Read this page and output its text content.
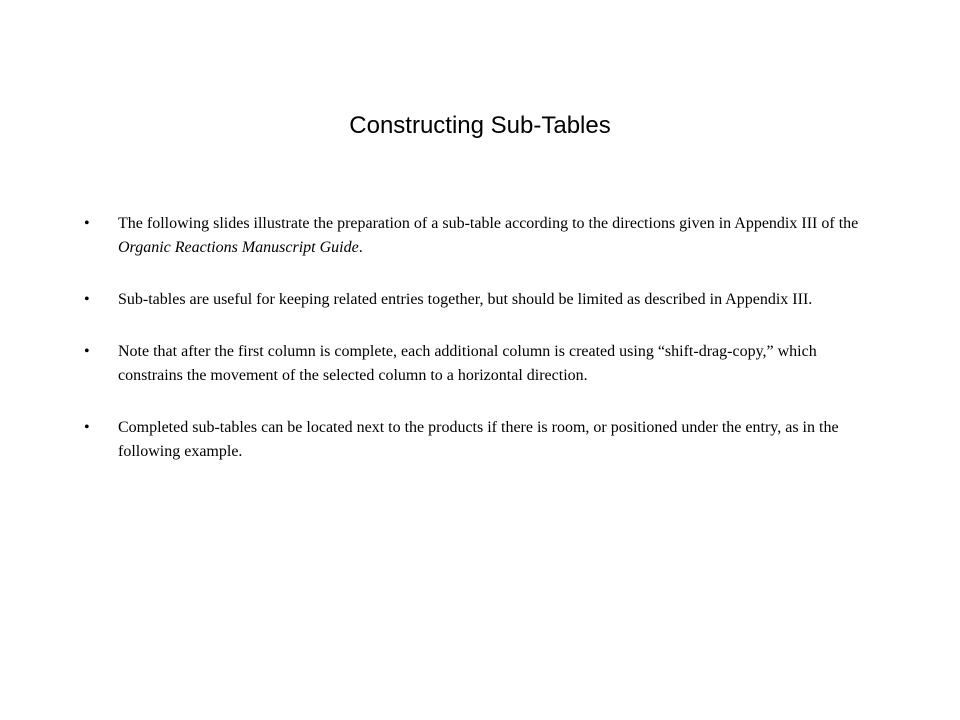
Constructing Sub-Tables
•	The following slides illustrate the preparation of a sub-table according to the directions given in Appendix III of the Organic Reactions Manuscript Guide.
•	Sub-tables are useful for keeping related entries together, but should be limited as described in Appendix III.
•	Note that after the first column is complete, each additional column is created using “shift-drag-copy,” which constrains the movement of the selected column to a horizontal direction.
•	Completed sub-tables can be located next to the products if there is room, or positioned under the entry, as in the following example.
